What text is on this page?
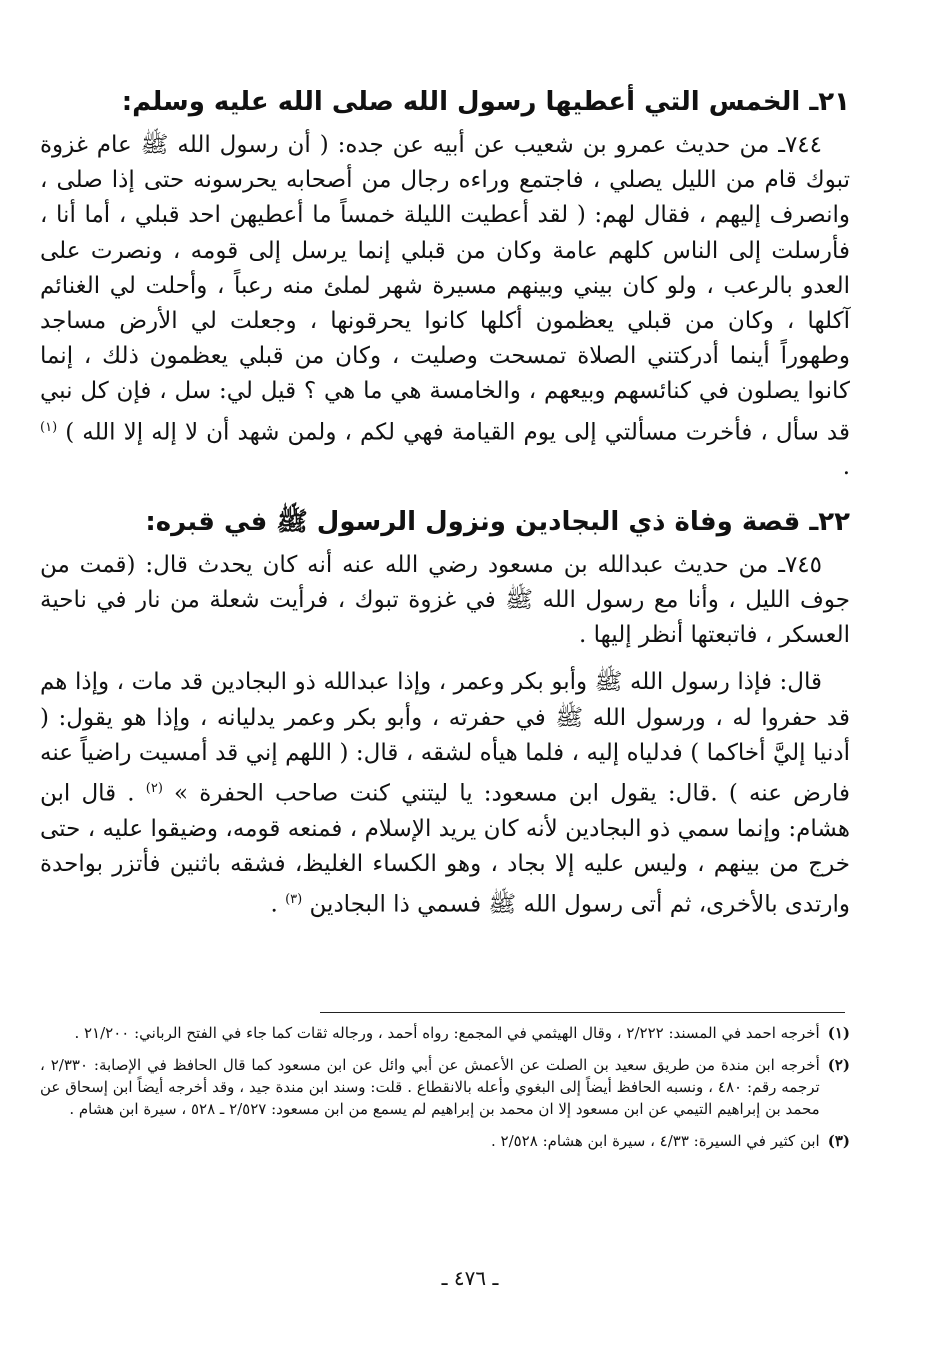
٢١ـ الخمس التي أعطيها رسول الله صلى الله عليه وسلم:

٧٤٤ـ من حديث عمرو بن شعيب عن أبيه عن جده: ( أن رسول الله ﷺ عام غزوة تبوك قام من الليل يصلي ، فاجتمع وراءه رجال من أصحابه يحرسونه حتى إذا صلى ، وانصرف إليهم ، فقال لهم: ( لقد أعطيت الليلة خمساً ما أعطيهن احد قبلي ، أما أنا ، فأرسلت إلى الناس كلهم عامة وكان من قبلي إنما يرسل إلى قومه ، ونصرت على العدو بالرعب ، ولو كان بيني وبينهم مسيرة شهر لملئ منه رعباً ، وأحلت لي الغنائم آكلها ، وكان من قبلي يعظمون أكلها كانوا يحرقونها ، وجعلت لي الأرض مساجد وطهوراً أينما أدركتني الصلاة تمسحت وصليت ، وكان من قبلي يعظمون ذلك ، إنما كانوا يصلون في كنائسهم وبيعهم ، والخامسة هي ما هي ؟ قيل لي: سل ، فإن كل نبي قد سأل ، فأخرت مسألتي إلى يوم القيامة فهي لكم ، ولمن شهد أن لا إله إلا الله ) $^{(١)}$ .

٢٢ـ قصة وفاة ذي البجادين ونزول الرسول ﷺ في قبره:

٧٤٥ـ من حديث عبدالله بن مسعود رضي الله عنه أنه كان يحدث قال: (قمت من جوف الليل ، وأنا مع رسول الله ﷺ في غزوة تبوك ، فرأيت شعلة من نار في ناحية العسكر ، فاتبعتها أنظر إليها .

قال: فإذا رسول الله ﷺ وأبو بكر وعمر ، وإذا عبدالله ذو البجادين قد مات ، وإذا هم قد حفروا له ، ورسول الله ﷺ في حفرته ، وأبو بكر وعمر يدليانه ، وإذا هو يقول: ( أدنيا إليَّ أخاكما ) فدلياه إليه ، فلما هيأه لشقه ، قال: ( اللهم إني قد أمسيت راضياً عنه فارض عنه ) .قال: يقول ابن مسعود: يا ليتني كنت صاحب الحفرة » $^{(٢)}$ . قال ابن هشام: وإنما سمي ذو البجادين لأنه كان يريد الإسلام ، فمنعه قومه، وضيقوا عليه ، حتى خرج من بينهم ، وليس عليه إلا بجاد ، وهو الكساء الغليظ، فشقه باثنين فأتزر بواحدة وارتدى بالأخرى، ثم أتى رسول الله ﷺ فسمي ذا البجادين $^{(٣)}$ .

(١)
أخرجه احمد في المسند: ٢/٢٢٢ ، وقال الهيثمي في المجمع: رواه أحمد ، ورجاله ثقات كما جاء في الفتح الرباني: ٢١/٢٠٠ .
(٢)
أخرجه ابن مندة من طريق سعيد بن الصلت عن الأعمش عن أبي وائل عن ابن مسعود كما قال الحافظ في الإصابة: ٢/٣٣٠ ، ترجمه رقم: ٤٨٠ ، ونسبه الحافظ أيضاً إلى البغوي وأعله بالانقطاع . قلت: وسند ابن مندة جيد ، وقد أخرجه أيضاً ابن إسحاق عن محمد بن إبراهيم التيمي عن ابن مسعود إلا ان محمد بن إبراهيم لم يسمع من ابن مسعود: ٢/٥٢٧ ـ ٥٢٨ ، سيرة ابن هشام .
(٣)
ابن كثير في السيرة: ٤/٣٣ ، سيرة ابن هشام: ٢/٥٢٨ .
ـ ٤٧٦ ـ
